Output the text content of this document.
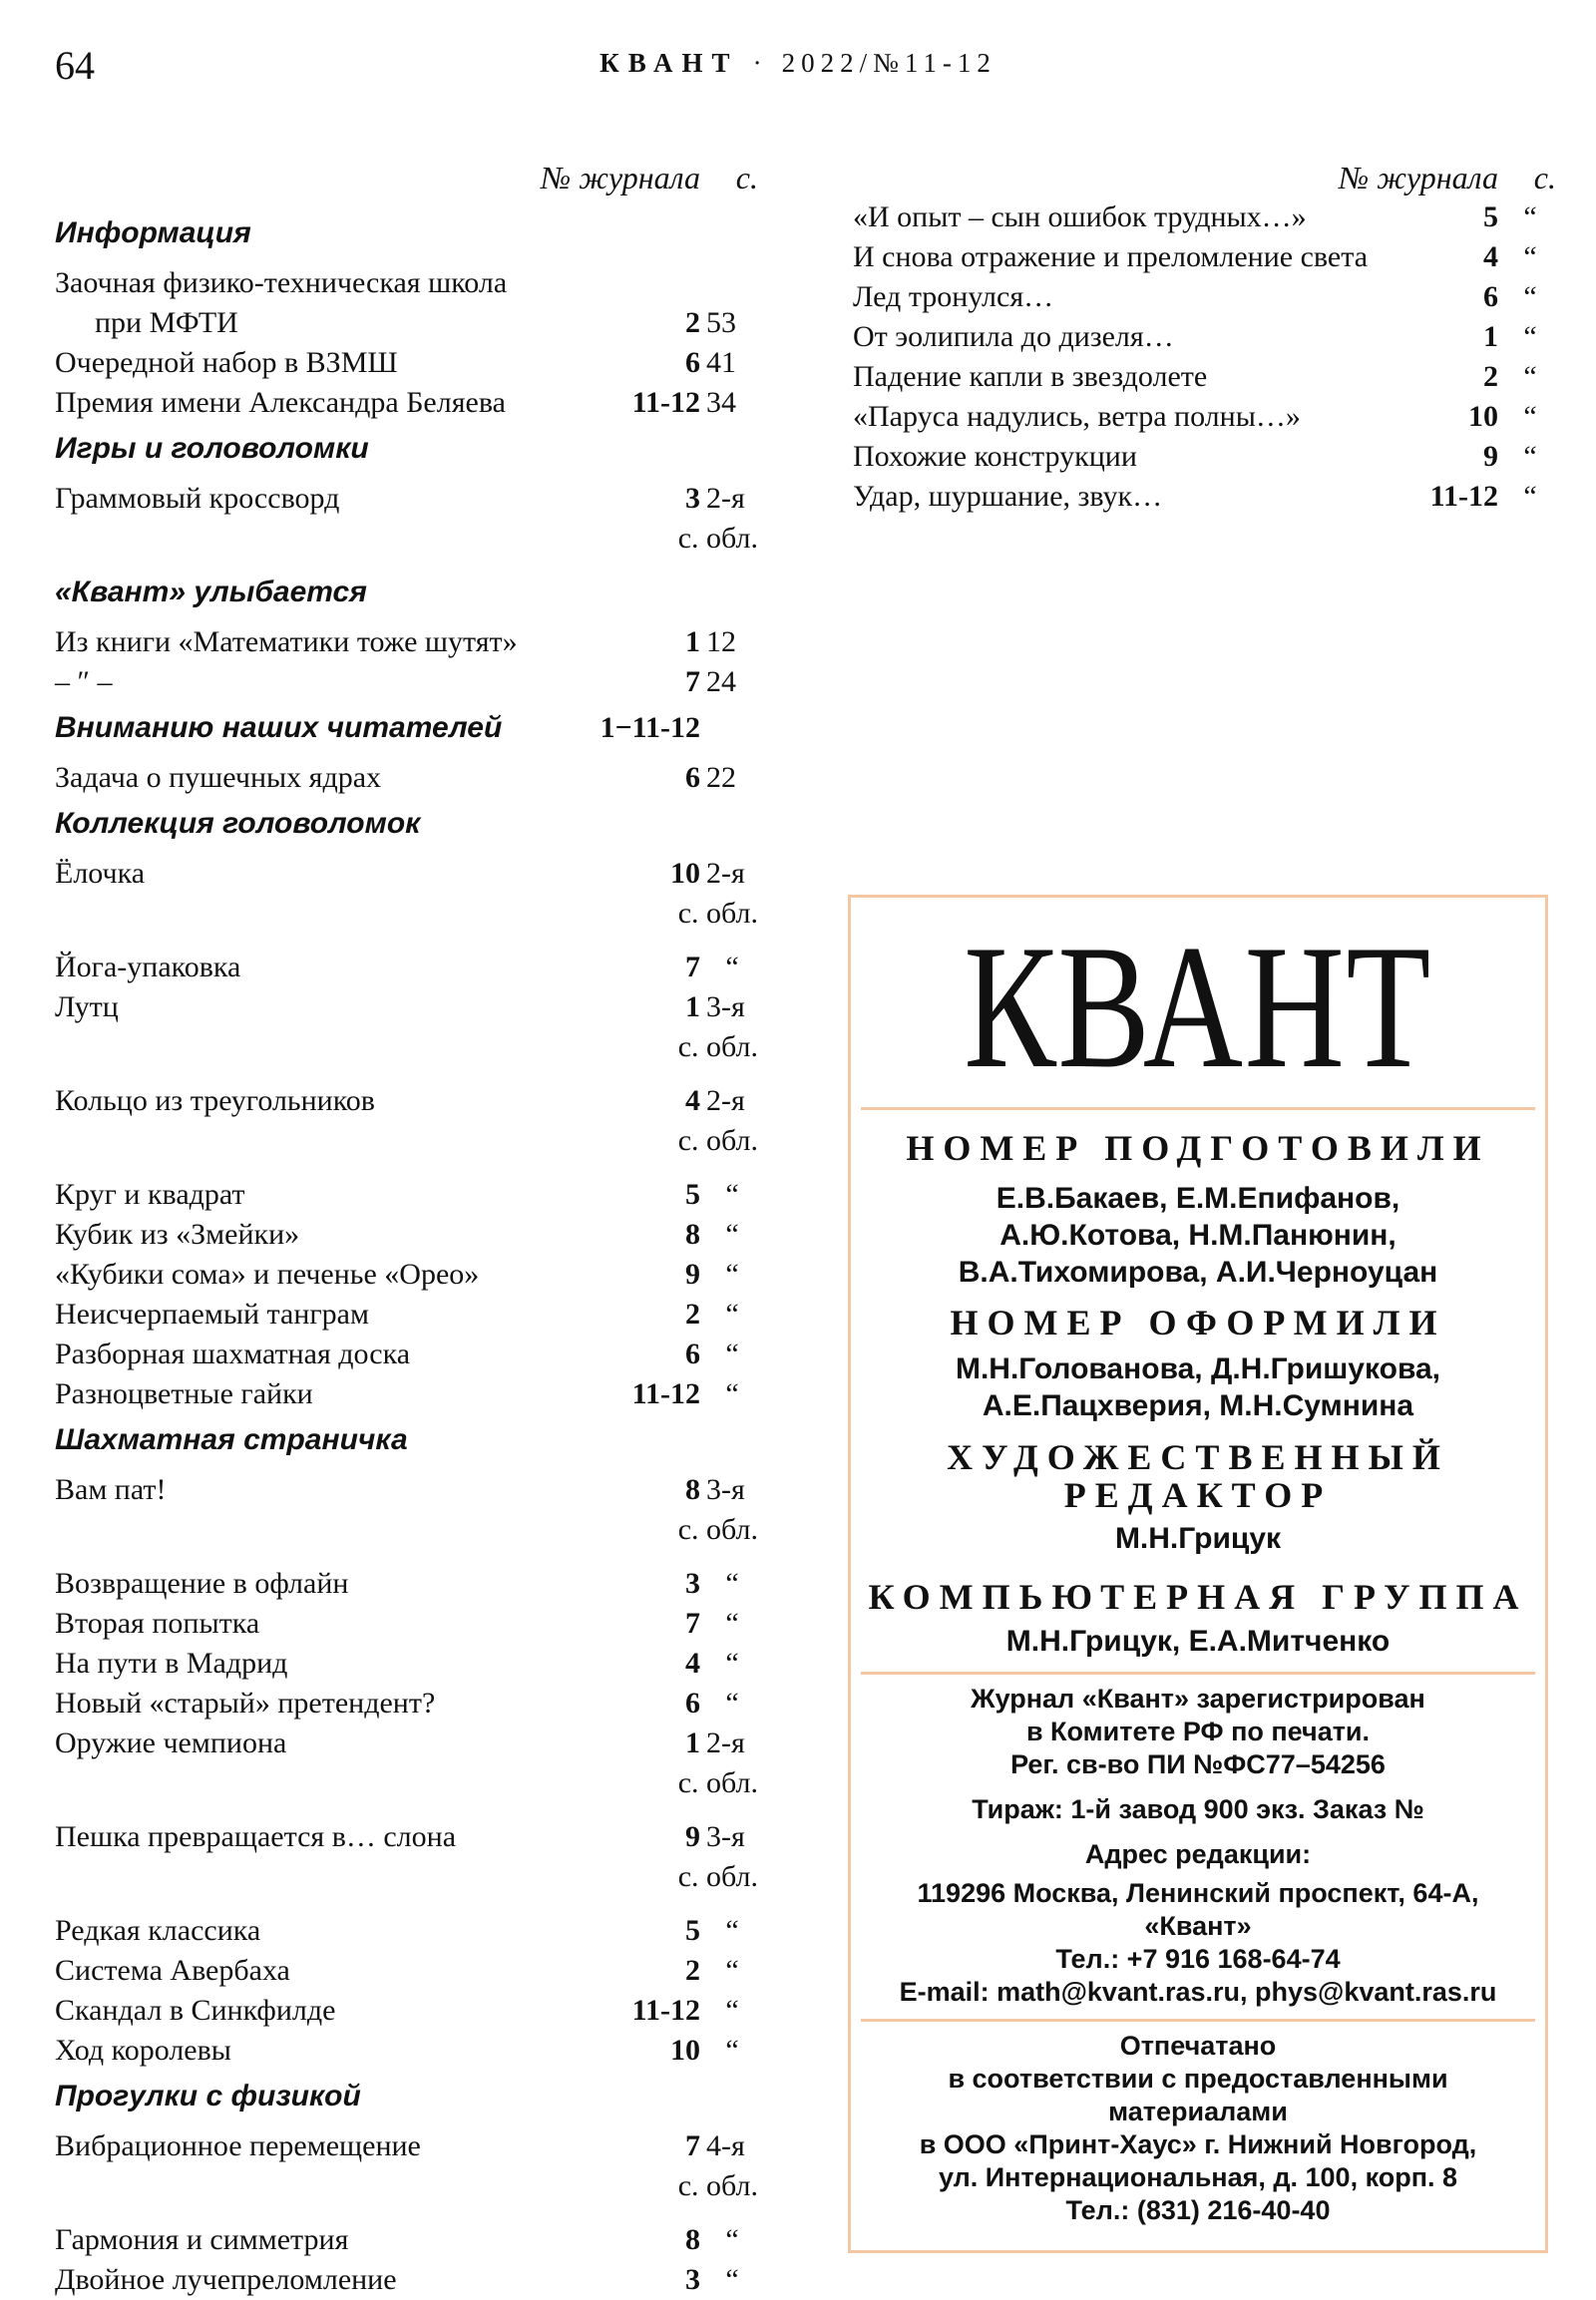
64	КВАНТ · 2022/№11-12
№ журнала с.
Информация
Заочная физико-техническая школа
при МФТИ	2 53
Очередной набор в ВЗМШ	6 41
Премия имени Александра Беляева	11-12 34
Игры и головоломки
Граммовый кроссворд	3 2-я
с. обл.
«Квант» улыбается
Из книги «Математики тоже шутят»	1 12
– ″ –	7 24
Вниманию наших читателей	1−11-12
Задача о пушечных ядрах	6 22
Коллекция головоломок
Ёлочка	10 2-я
с. обл.
Йога-упаковка	7 “
Лутц	1 3-я
с. обл.
Кольцо из треугольников	4 2-я
с. обл.
Круг и квадрат	5 “
Кубик из «Змейки»	8 “
«Кубики сома» и печенье «Орео»	9 “
Неисчерпаемый танграм	2 “
Разборная шахматная доска	6 “
Разноцветные гайки	11-12 “
Шахматная страничка
Вам пат!	8 3-я
с. обл.
Возвращение в офлайн	3 “
Вторая попытка	7 “
На пути в Мадрид	4 “
Новый «старый» претендент?	6 “
Оружие чемпиона	1 2-я
с. обл.
Пешка превращается в… слона	9 3-я
с. обл.
Редкая классика	5 “
Система Авербаха	2 “
Скандал в Синкфилде	11-12 “
Ход королевы	10 “
Прогулки с физикой
Вибрационное перемещение	7 4-я
с. обл.
Гармония и симметрия	8 “
Двойное лучепреломление	3 “
№ журнала с.
«И опыт – сын ошибок трудных…»	5 “
И снова отражение и преломление света	4 “
Лед тронулся…	6 “
От эолипила до дизеля…	1 “
Падение капли в звездолете	2 “
«Паруса надулись, ветра полны…»	10 “
Похожие конструкции	9 “
Удар, шуршание, звук…	11-12 “
КВАНТ
НОМЕР ПОДГОТОВИЛИ
Е.В.Бакаев, Е.М.Епифанов,
А.Ю.Котова, Н.М.Панюнин,
В.А.Тихомирова, А.И.Черноуцан
НОМЕР ОФОРМИЛИ
М.Н.Голованова, Д.Н.Гришукова,
А.Е.Пацхверия, М.Н.Сумнина
ХУДОЖЕСТВЕННЫЙ
РЕДАКТОР
М.Н.Грицук
КОМПЬЮТЕРНАЯ ГРУППА
М.Н.Грицук, Е.А.Митченко
Журнал «Квант» зарегистрирован
в Комитете РФ по печати.
Рег. св-во ПИ №ФС77–54256
Тираж: 1-й завод 900 экз. Заказ №
Адрес редакции:
119296 Москва, Ленинский проспект, 64-А,
«Квант»
Тел.: +7 916 168-64-74
E-mail: math@kvant.ras.ru, phys@kvant.ras.ru
Отпечатано
в соответствии с предоставленными
материалами
в ООО «Принт-Хаус» г. Нижний Новгород,
ул. Интернациональная, д. 100, корп. 8
Тел.: (831) 216-40-40
